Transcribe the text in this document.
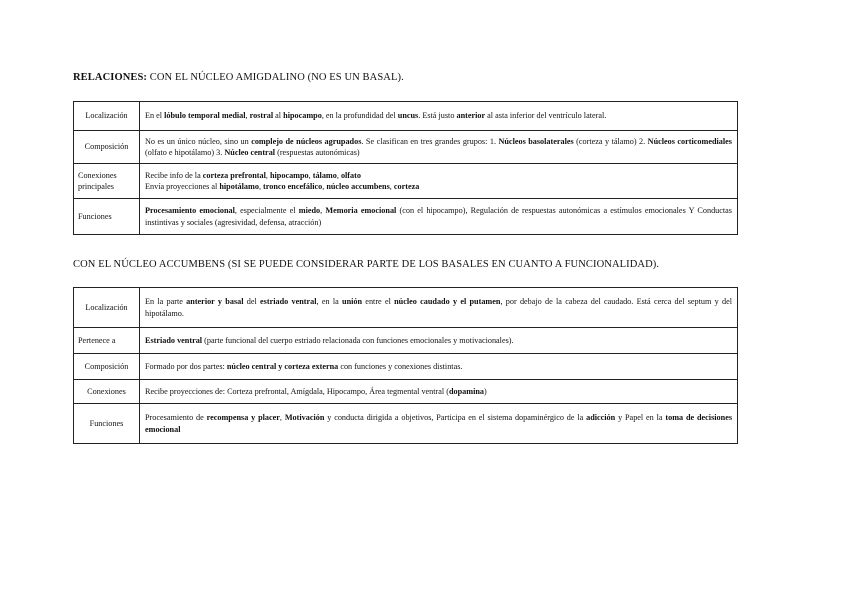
RELACIONES: CON EL NÚCLEO AMIGDALINO (NO ES UN BASAL).
Localización	En el lóbulo temporal medial, rostral al hipocampo, en la profundidad del uncus. Está justo anterior al asta inferior del ventrículo lateral.
Composición	No es un único núcleo, sino un complejo de núcleos agrupados. Se clasifican en tres grandes grupos: 1. Núcleos basolaterales (corteza y tálamo) 2. Núcleos corticomediales (olfato e hipotálamo) 3. Núcleo central (respuestas autonómicas)
Conexiones principales	Recibe info de la corteza prefrontal, hipocampo, tálamo, olfato
Envía proyecciones al hipotálamo, tronco encefálico, núcleo accumbens, corteza

Funciones	Procesamiento emocional, especialmente el miedo, Memoria emocional (con el hipocampo), Regulación de respuestas autonómicas a estímulos emocionales Y Conductas instintivas y sociales (agresividad, defensa, atracción)
CON EL NÚCLEO ACCUMBENS (SI SE PUEDE CONSIDERAR PARTE DE LOS BASALES EN CUANTO A FUNCIONALIDAD).
Localización	En la parte anterior y basal del estriado ventral, en la unión entre el núcleo caudado y el putamen, por debajo de la cabeza del caudado. Está cerca del septum y del hipotálamo.
Pertenece a	Estriado ventral (parte funcional del cuerpo estriado relacionada con funciones emocionales y motivacionales).
Composición	Formado por dos partes: núcleo central y corteza externa con funciones y conexiones distintas.
Conexiones	Recibe proyecciones de: Corteza prefrontal, Amígdala, Hipocampo, Área tegmental ventral (dopamina)
Funciones	Procesamiento de recompensa y placer, Motivación y conducta dirigida a objetivos, Participa en el sistema dopaminérgico de la adicción y Papel en la toma de decisiones emocional
